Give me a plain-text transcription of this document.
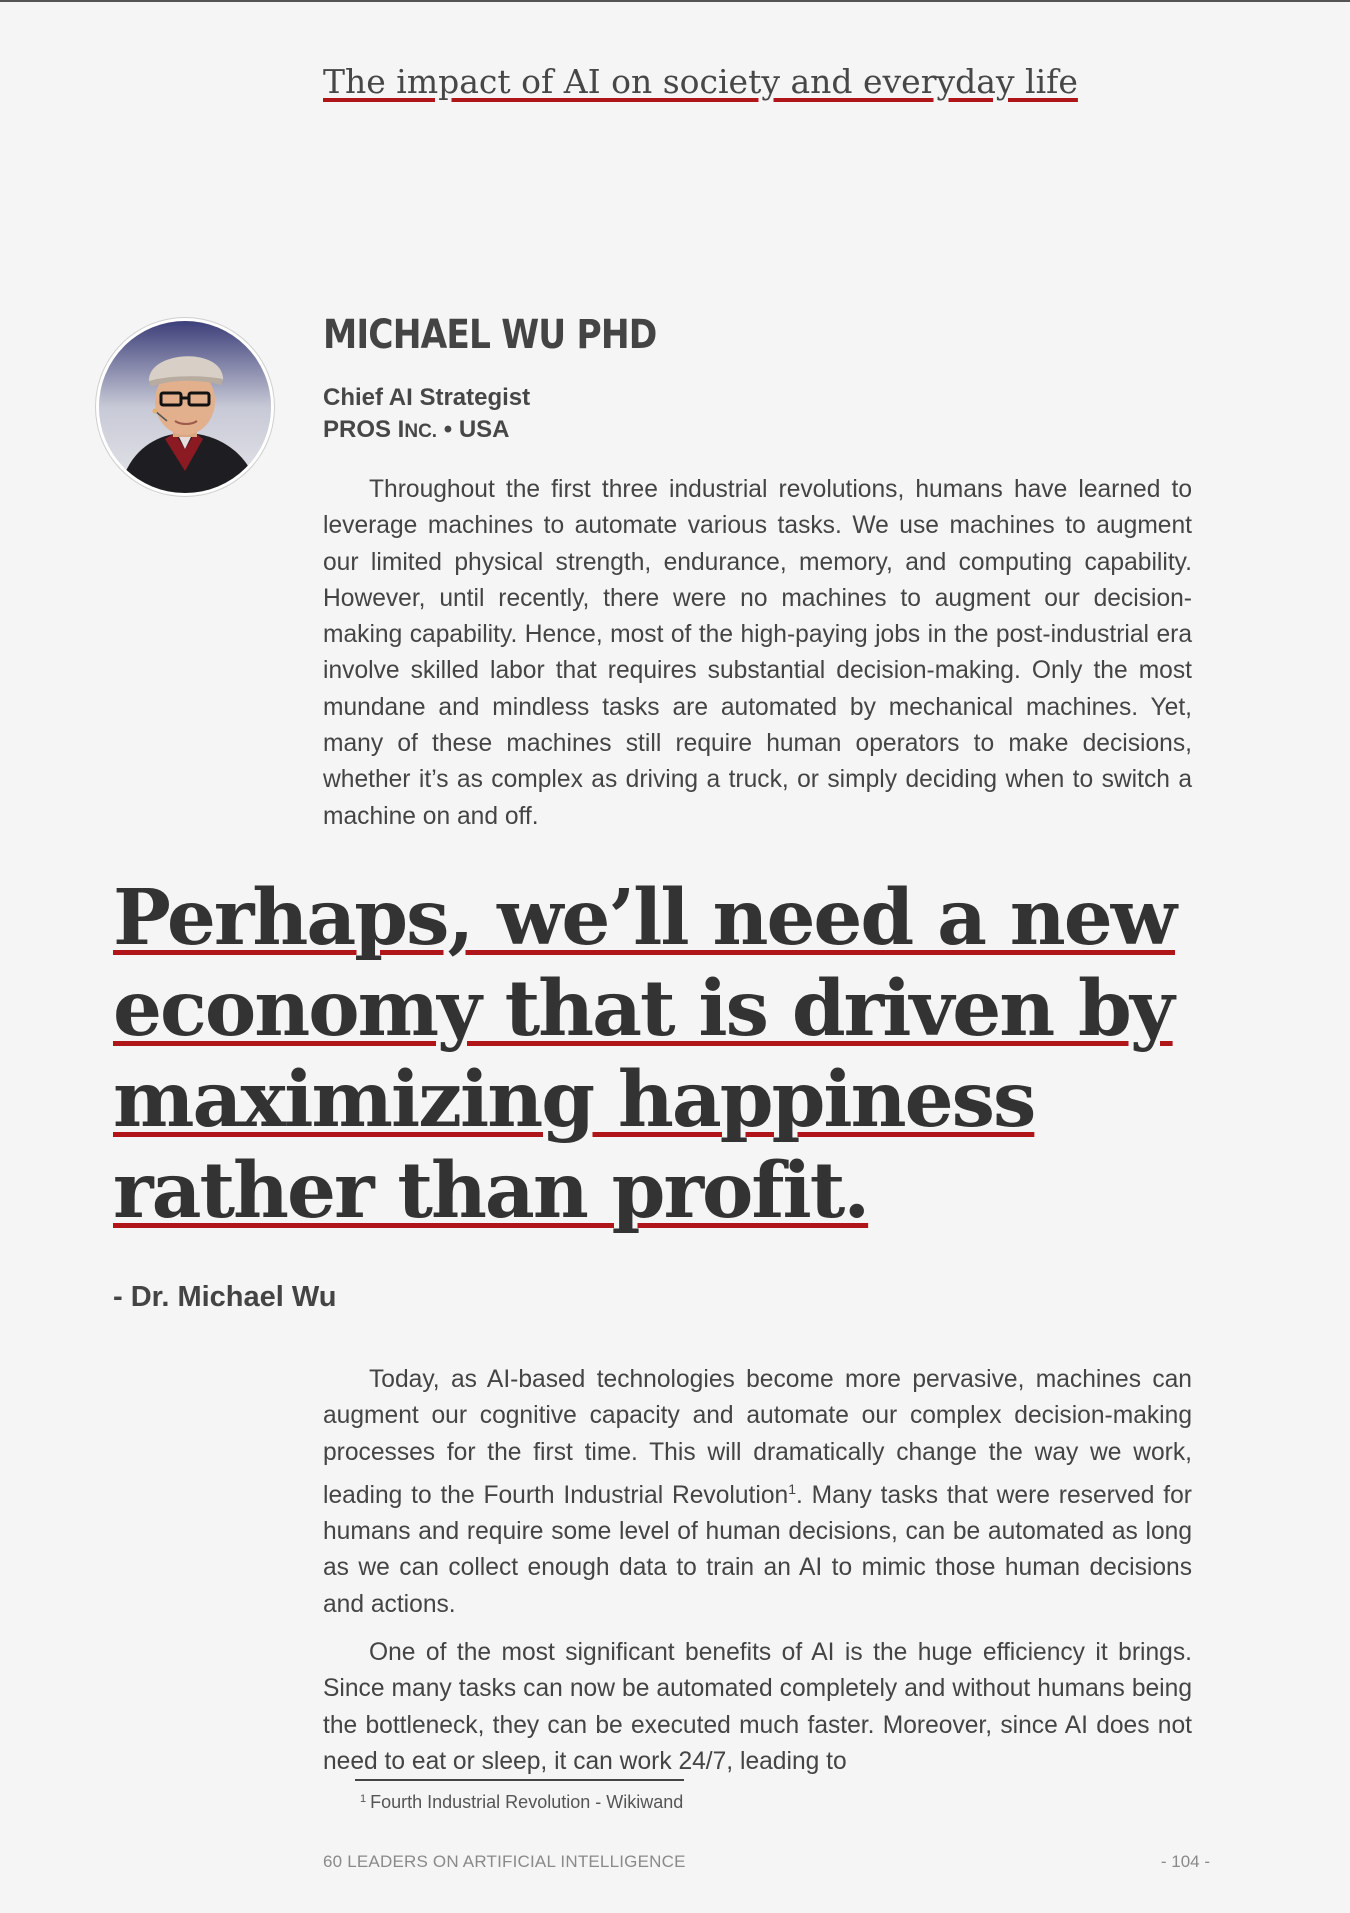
The impact of AI on society and everyday life
MICHAEL WU PHD
Chief AI Strategist
PROS INC. • USA

Throughout the first three industrial revolutions, humans have learned to leverage machines to automate various tasks. We use machines to augment our limited physical strength, endurance, memory, and computing capability. However, until recently, there were no machines to augment our decision-making capability. Hence, most of the high-paying jobs in the post-industrial era involve skilled labor that requires substantial decision-making. Only the most mundane and mindless tasks are automated by mechanical machines. Yet, many of these machines still require human operators to make decisions, whether it’s as complex as driving a truck, or simply deciding when to switch a machine on and off.

Perhaps, we’ll need a new economy that is driven by maximizing happiness rather than profit.

- Dr. Michael Wu

Today, as AI-based technologies become more pervasive, machines can augment our cognitive capacity and automate our complex decision-making processes for the first time. This will dramatically change the way we work, leading to the Fourth Industrial Revolution$^1$. Many tasks that were reserved for humans and require some level of human decisions, can be automated as long as we can collect enough data to train an AI to mimic those human decisions and actions.

One of the most significant benefits of AI is the huge efficiency it brings. Since many tasks can now be automated completely and without humans being the bottleneck, they can be executed much faster. Moreover, since AI does not need to eat or sleep, it can work 24/7, leading to

$^1$ Fourth Industrial Revolution - Wikiwand
60 LEADERS ON ARTIFICIAL INTELLIGENCE	- 104 -
